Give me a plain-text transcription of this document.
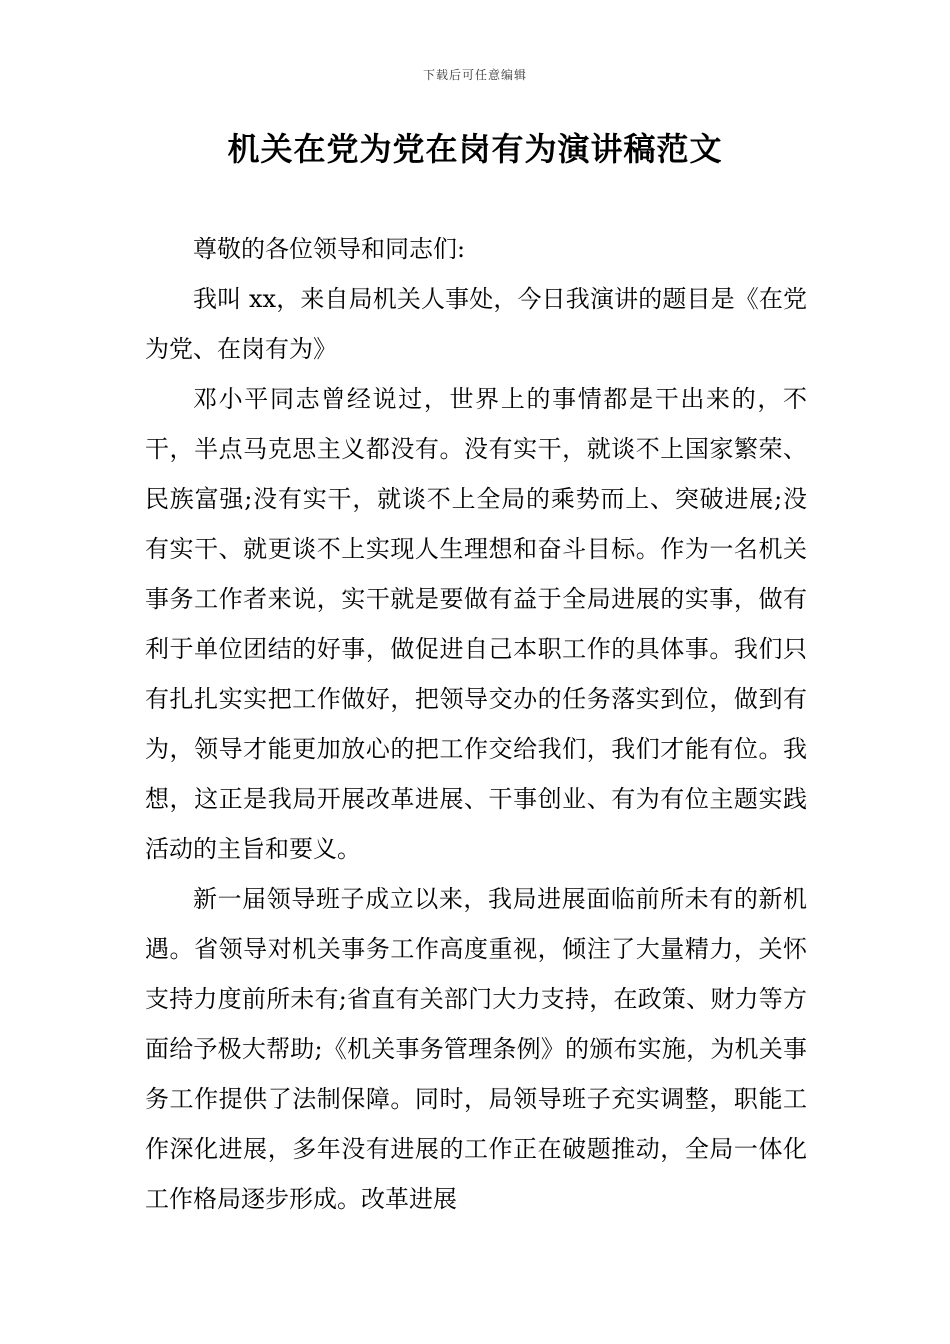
下载后可任意编辑
机关在党为党在岗有为演讲稿范文

尊敬的各位领导和同志们:

我叫 xx，来自局机关人事处，今日我演讲的题目是《在党为党、在岗有为》

邓小平同志曾经说过，世界上的事情都是干出来的，不干，半点马克思主义都没有。没有实干，就谈不上国家繁荣、民族富强;没有实干，就谈不上全局的乘势而上、突破进展;没有实干、就更谈不上实现人生理想和奋斗目标。作为一名机关事务工作者来说，实干就是要做有益于全局进展的实事，做有利于单位团结的好事，做促进自己本职工作的具体事。我们只有扎扎实实把工作做好，把领导交办的任务落实到位，做到有为，领导才能更加放心的把工作交给我们，我们才能有位。我想，这正是我局开展改革进展、干事创业、有为有位主题实践活动的主旨和要义。

新一届领导班子成立以来，我局进展面临前所未有的新机遇。省领导对机关事务工作高度重视，倾注了大量精力，关怀支持力度前所未有;省直有关部门大力支持，在政策、财力等方面给予极大帮助;《机关事务管理条例》的颁布实施，为机关事务工作提供了法制保障。同时，局领导班子充实调整，职能工作深化进展，多年没有进展的工作正在破题推动，全局一体化工作格局逐步形成。改革进展
